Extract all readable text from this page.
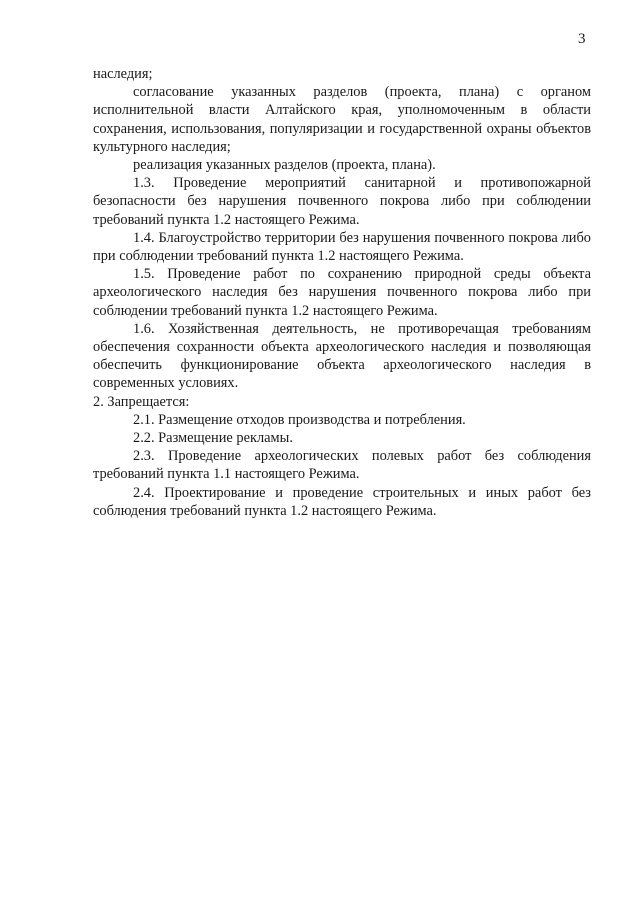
3

наследия;

согласование указанных разделов (проекта, плана) с органом исполнительной власти Алтайского края, уполномоченным в области сохранения, использования, популяризации и государственной охраны объектов культурного наследия;

реализация указанных разделов (проекта, плана).

1.3. Проведение мероприятий санитарной и противопожарной безопасности без нарушения почвенного покрова либо при соблюдении требований пункта 1.2 настоящего Режима.

1.4. Благоустройство территории без нарушения почвенного покрова либо при соблюдении требований пункта 1.2 настоящего Режима.

1.5. Проведение работ по сохранению природной среды объекта археологического наследия без нарушения почвенного покрова либо при соблюдении требований пункта 1.2 настоящего Режима.

1.6. Хозяйственная деятельность, не противоречащая требованиям обеспечения сохранности объекта археологического наследия и позволяющая обеспечить функционирование объекта археологического наследия в современных условиях.

2. Запрещается:

2.1. Размещение отходов производства и потребления.

2.2. Размещение рекламы.

2.3. Проведение археологических полевых работ без соблюдения требований пункта 1.1 настоящего Режима.

2.4. Проектирование и проведение строительных и иных работ без соблюдения требований пункта 1.2 настоящего Режима.
